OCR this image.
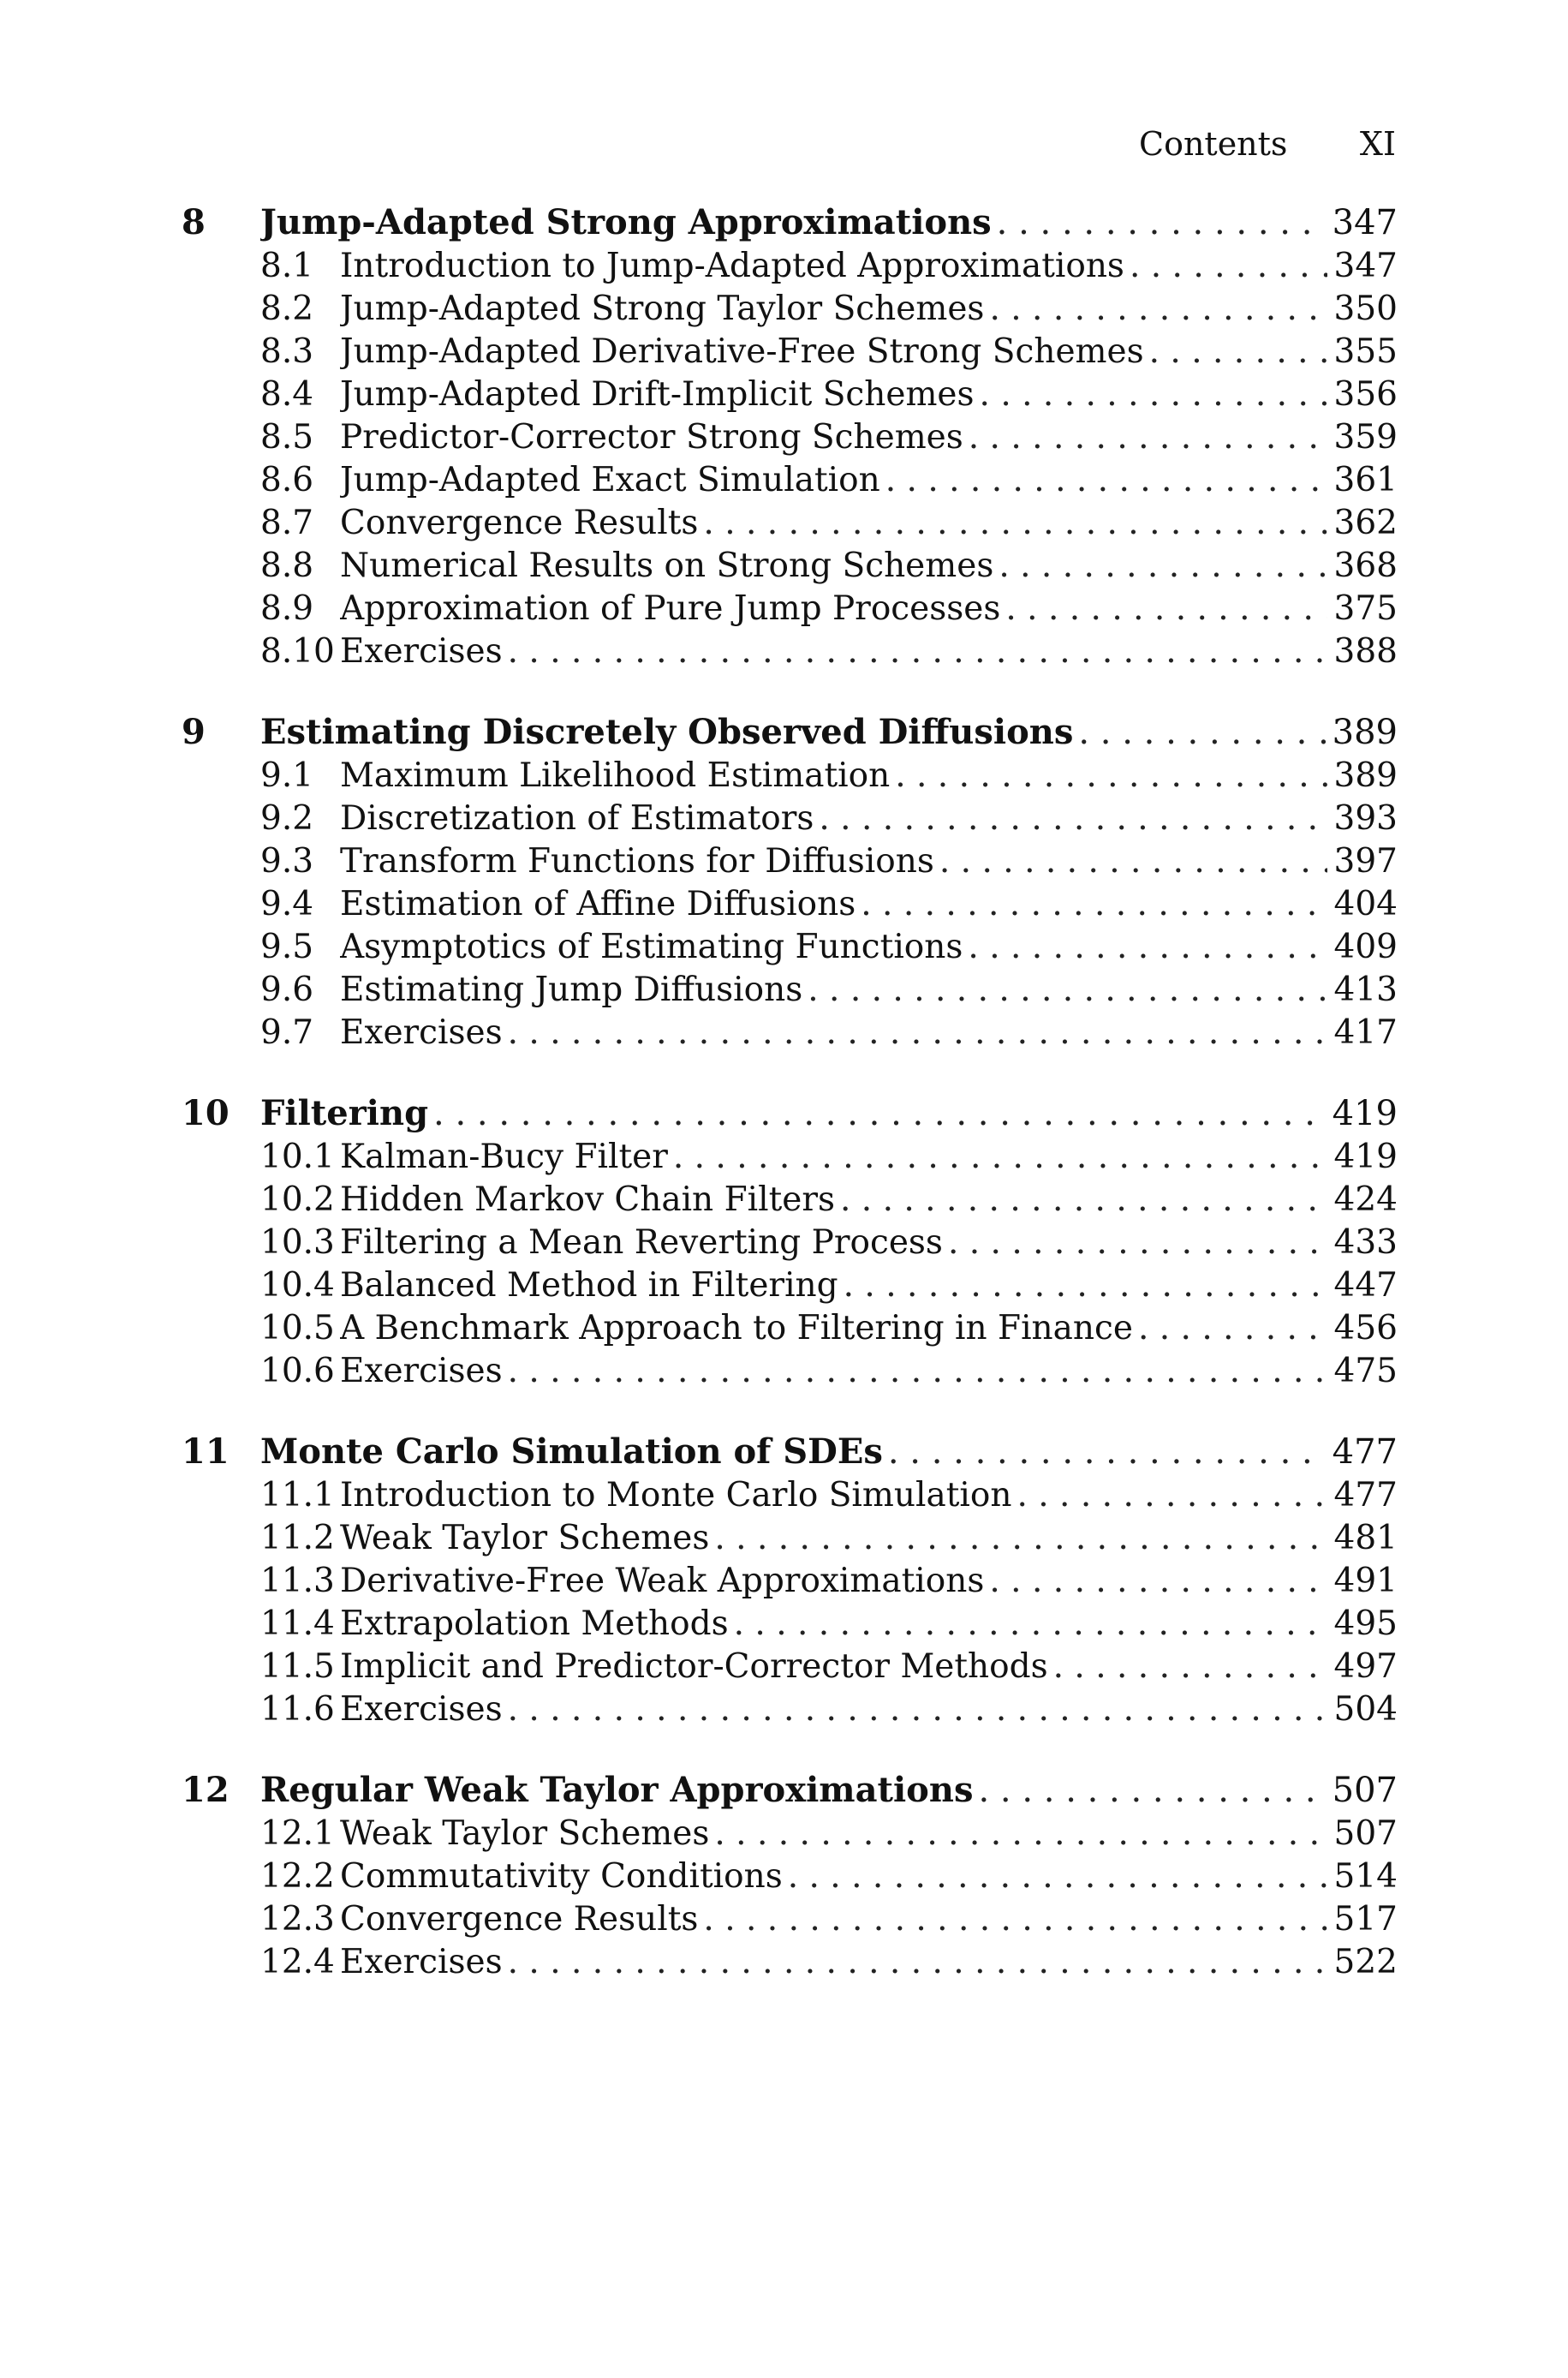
Contents XI
8 Jump-Adapted Strong Approximations . . .	347
8.1 Introduction to Jump-Adapted Approximations . . .	347
8.2 Jump-Adapted Strong Taylor Schemes . . .	350
8.3 Jump-Adapted Derivative-Free Strong Schemes . . .	355
8.4 Jump-Adapted Drift-Implicit Schemes . . .	356
8.5 Predictor-Corrector Strong Schemes . . .	359
8.6 Jump-Adapted Exact Simulation . . .	361
8.7 Convergence Results . . .	362
8.8 Numerical Results on Strong Schemes . . .	368
8.9 Approximation of Pure Jump Processes . . .	375
8.10 Exercises . . .	388
9 Estimating Discretely Observed Diffusions . . .	389
9.1 Maximum Likelihood Estimation . . .	389
9.2 Discretization of Estimators . . .	393
9.3 Transform Functions for Diffusions . . .	397
9.4 Estimation of Affine Diffusions . . .	404
9.5 Asymptotics of Estimating Functions . . .	409
9.6 Estimating Jump Diffusions . . .	413
9.7 Exercises . . .	417
10 Filtering . . .	419
10.1 Kalman-Bucy Filter . . .	419
10.2 Hidden Markov Chain Filters . . .	424
10.3 Filtering a Mean Reverting Process . . .	433
10.4 Balanced Method in Filtering . . .	447
10.5 A Benchmark Approach to Filtering in Finance . . .	456
10.6 Exercises . . .	475
11 Monte Carlo Simulation of SDEs . . .	477
11.1 Introduction to Monte Carlo Simulation . . .	477
11.2 Weak Taylor Schemes . . .	481
11.3 Derivative-Free Weak Approximations . . .	491
11.4 Extrapolation Methods . . .	495
11.5 Implicit and Predictor-Corrector Methods . . .	497
11.6 Exercises . . .	504
12 Regular Weak Taylor Approximations . . .	507
12.1 Weak Taylor Schemes . . .	507
12.2 Commutativity Conditions . . .	514
12.3 Convergence Results . . .	517
12.4 Exercises . . .	522
